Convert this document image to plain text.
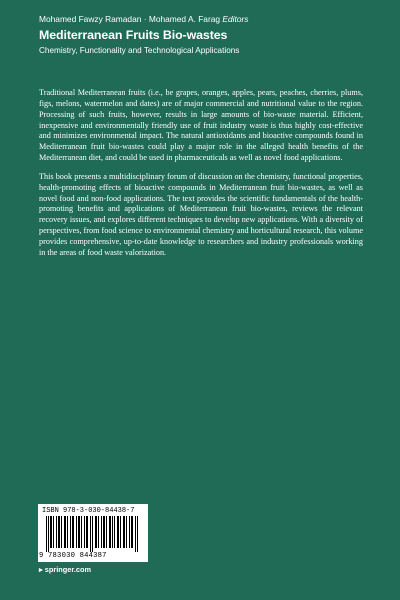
Mohamed Fawzy Ramadan · Mohamed A. Farag Editors
Mediterranean Fruits Bio-wastes
Chemistry, Functionality and Technological Applications

Traditional Mediterranean fruits (i.e., be grapes, oranges, apples, pears, peaches, cherries, plums, figs, melons, watermelon and dates) are of major commercial and nutritional value to the region. Processing of such fruits, however, results in large amounts of bio-waste material. Efficient, inexpensive and environmentally friendly use of fruit industry waste is thus highly cost-effective and minimizes environmental impact. The natural antioxidants and bioactive compounds found in Mediterranean fruit bio-wastes could play a major role in the alleged health benefits of the Mediterranean diet, and could be used in pharmaceuticals as well as novel food applications.

This book presents a multidisciplinary forum of discussion on the chemistry, functional properties, health-promoting effects of bioactive compounds in Mediterranean fruit bio-wastes, as well as novel food and non-food applications. The text provides the scientific fundamentals of the health-promoting benefits and applications of Mediterranean fruit bio-wastes, reviews the relevant recovery issues, and explores different techniques to develop new applications. With a diversity of perspectives, from food science to environmental chemistry and horticultural research, this volume provides comprehensive, up-to-date knowledge to researchers and industry professionals working in the areas of food waste valorization.

ISBN 978-3-030-84438-7
9 783030 844387
▸ springer.com
